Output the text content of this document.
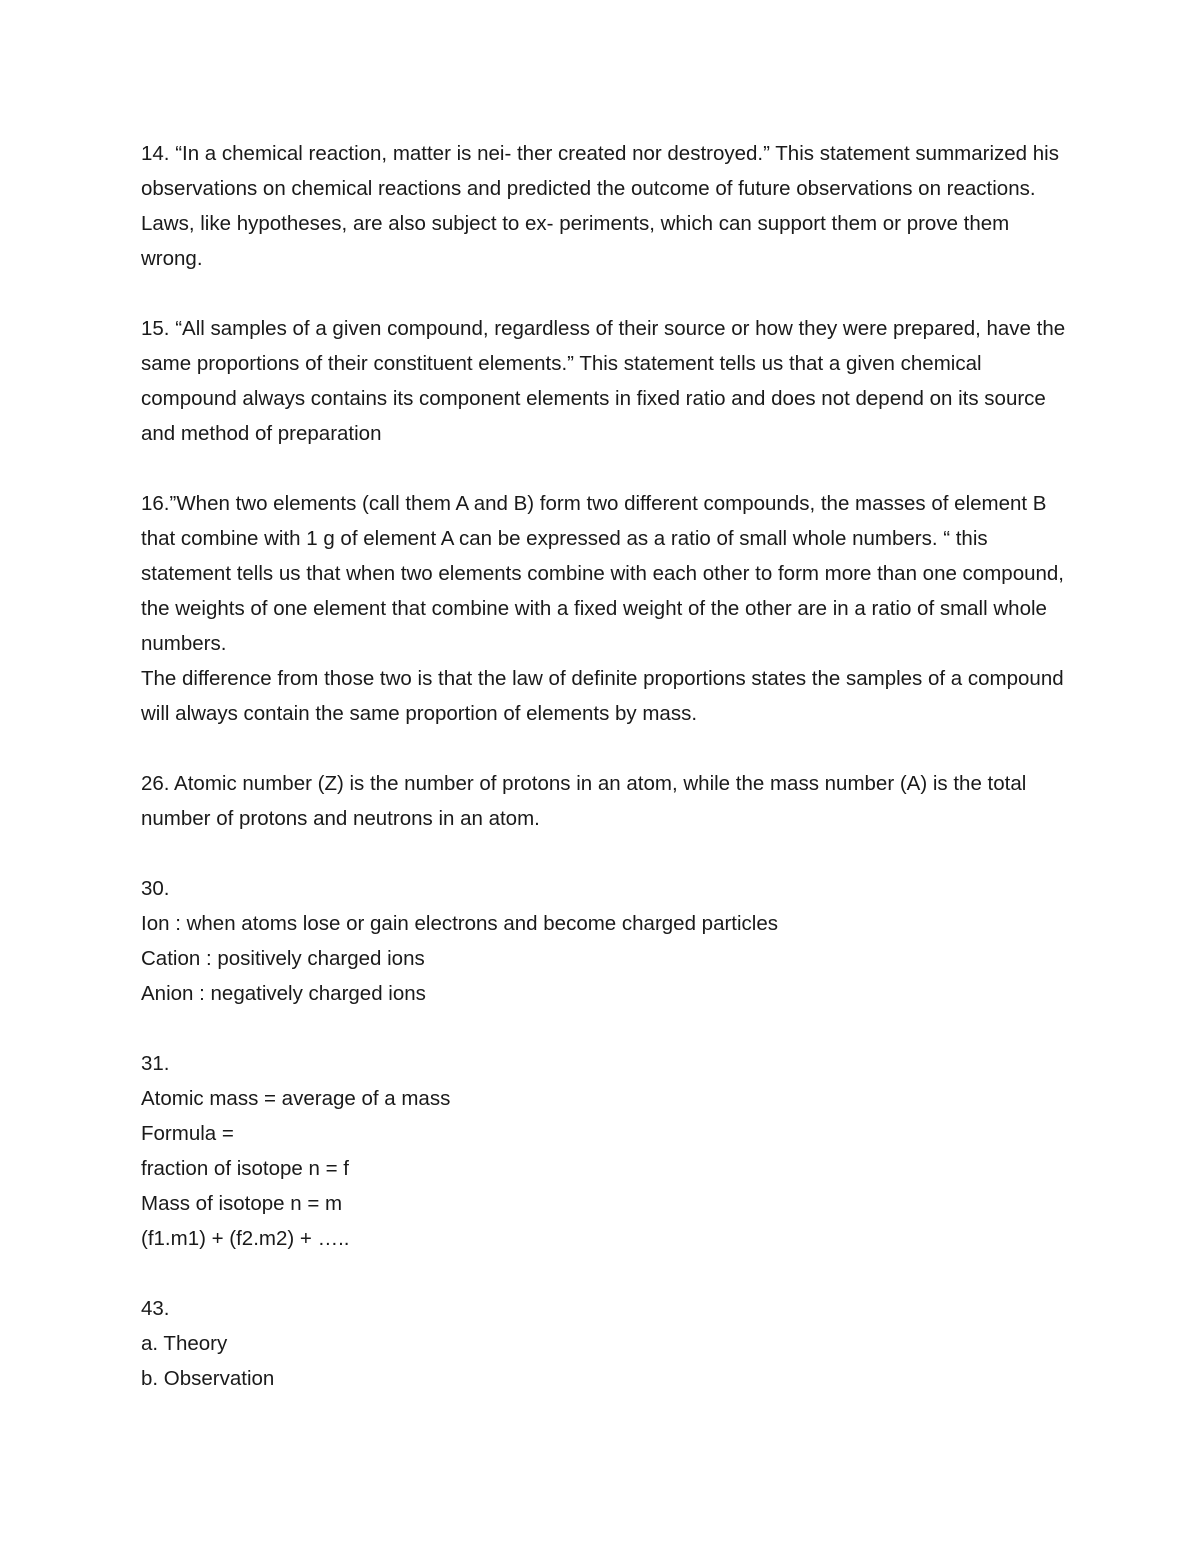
14. “In a chemical reaction, matter is nei- ther created nor destroyed.” This statement summarized his observations on chemical reactions and predicted the outcome of future observations on reactions. Laws, like hypotheses, are also subject to ex- periments, which can support them or prove them wrong.
15. “All samples of a given compound, regardless of their source or how they were prepared, have the same proportions of their constituent elements.” This statement tells us that a given chemical compound always contains its component elements in fixed ratio and does not depend on its source and method of preparation
16.”When two elements (call them A and B) form two different compounds, the masses of element B that combine with 1 g of element A can be expressed as a ratio of small whole numbers. “ this statement tells us that when two elements combine with each other to form more than one compound, the weights of one element that combine with a fixed weight of the other are in a ratio of small whole numbers.
The difference from those two is that the law of definite proportions states the samples of a compound will always contain the same proportion of elements by mass.
26. Atomic number (Z) is the number of protons in an atom, while the mass number (A) is the total number of protons and neutrons in an atom.
30.
Ion : when atoms lose or gain electrons and become charged particles
Cation : positively charged ions
Anion : negatively charged ions
31.
Atomic mass = average of a mass
Formula =
fraction of isotope n = f
Mass of isotope n = m
(f1.m1) + (f2.m2) + …..
43.
a. Theory
b. Observation
